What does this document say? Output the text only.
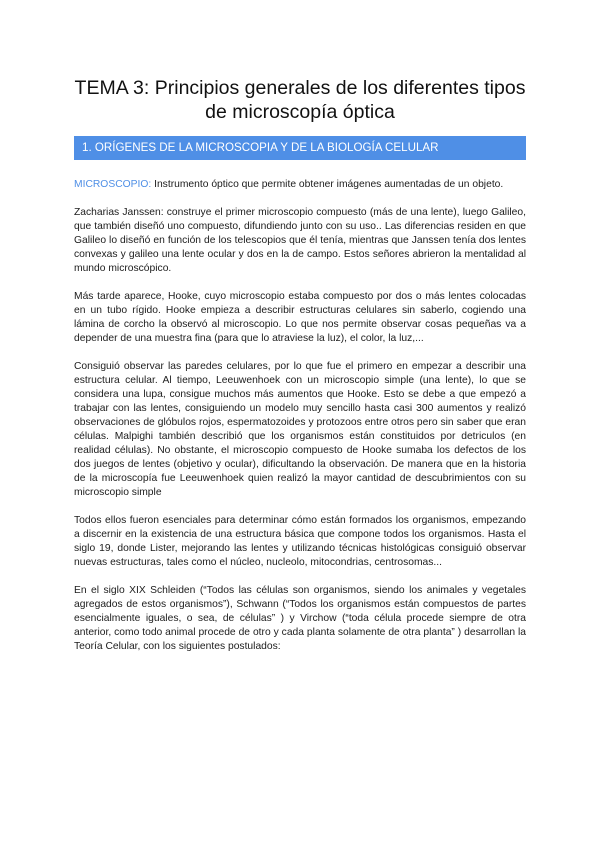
TEMA 3: Principios generales de los diferentes tipos
de microscopía óptica
1. ORÍGENES DE LA MICROSCOPIA Y DE LA BIOLOGÍA CELULAR

MICROSCOPIO: Instrumento óptico que permite obtener imágenes aumentadas de un objeto.

Zacharias Janssen: construye el primer microscopio compuesto (más de una lente), luego Galileo, que también diseñó uno compuesto, difundiendo junto con su uso.. Las diferencias residen en que Galileo lo diseñó en función de los telescopios que él tenía, mientras que Janssen tenía dos lentes convexas y galileo una lente ocular y dos en la de campo. Estos señores abrieron la mentalidad al mundo microscópico.

Más tarde aparece, Hooke, cuyo microscopio estaba compuesto por dos o más lentes colocadas en un tubo rígido. Hooke empieza a describir estructuras celulares sin saberlo, cogiendo una lámina de corcho la observó al microscopio. Lo que nos permite observar cosas pequeñas va a depender de una muestra fina (para que lo atraviese la luz), el color, la luz,...

Consiguió observar las paredes celulares, por lo que fue el primero en empezar a describir una estructura celular. Al tiempo, Leeuwenhoek con un microscopio simple (una lente), lo que se considera una lupa, consigue muchos más aumentos que Hooke. Esto se debe a que empezó a trabajar con las lentes, consiguiendo un modelo muy sencillo hasta casi 300 aumentos y realizó observaciones de glóbulos rojos, espermatozoides y protozoos entre otros pero sin saber que eran células. Malpighi también describió que los organismos están constituidos por detriculos (en realidad células). No obstante, el microscopio compuesto de Hooke sumaba los defectos de los dos juegos de lentes (objetivo y ocular), dificultando la observación. De manera que en la historia de la microscopía fue Leeuwenhoek quien realizó la mayor cantidad de descubrimientos con su microscopio simple

Todos ellos fueron esenciales para determinar cómo están formados los organismos, empezando a discernir en la existencia de una estructura básica que compone todos los organismos. Hasta el siglo 19, donde Lister, mejorando las lentes y utilizando técnicas histológicas consiguió observar nuevas estructuras, tales como el núcleo, nucleolo, mitocondrias, centrosomas...

En el siglo XIX Schleiden (“Todos las células son organismos, siendo los animales y vegetales agregados de estos organismos”), Schwann (“Todos los organismos están compuestos de partes esencialmente iguales, o sea, de células” ) y Virchow (“toda célula procede siempre de otra anterior, como todo animal procede de otro y cada planta solamente de otra planta” ) desarrollan la Teoría Celular, con los siguientes postulados:
